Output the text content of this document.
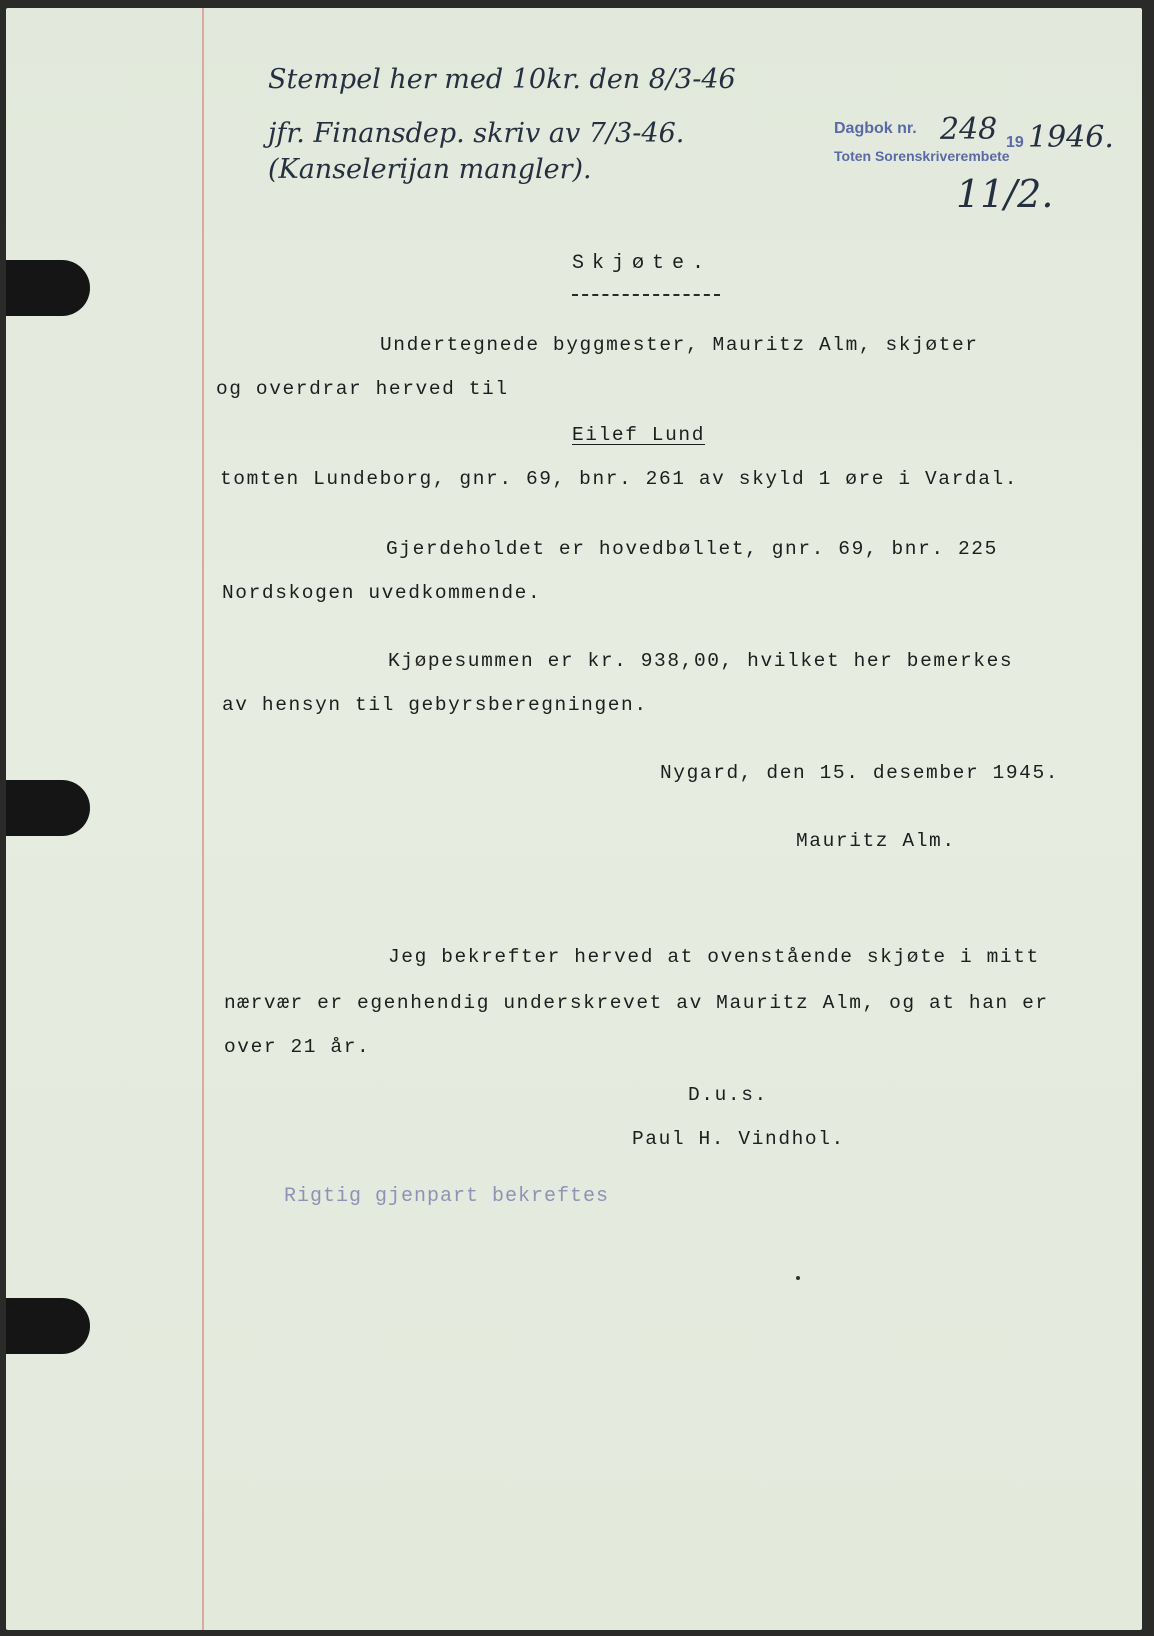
Stempel her med 10kr. den 8/3-46
jfr. Finansdep. skriv av 7/3-46.
(Kanselerijan mangler).
Dagbok nr. 248 19 1946.
Toten Sorenskriverembete
11/2.
Skjøte.
Undertegnede byggmester, Mauritz Alm, skjøter
og overdrar herved til
Eilef Lund
tomten Lundeborg, gnr. 69, bnr. 261 av skyld 1 øre i Vardal.
Gjerdeholdet er hovedbøllet, gnr. 69, bnr. 225
Nordskogen uvedkommende.
Kjøpesummen er kr. 938,00, hvilket her bemerkes
av hensyn til gebyrsberegningen.
Nygard, den 15. desember 1945.
Mauritz Alm.
Jeg bekrefter herved at ovenstående skjøte i mitt
nærvær er egenhendig underskrevet av Mauritz Alm, og at han er
over 21 år.
D.u.s.
Paul H. Vindhol.
Rigtig gjenpart bekreftes
